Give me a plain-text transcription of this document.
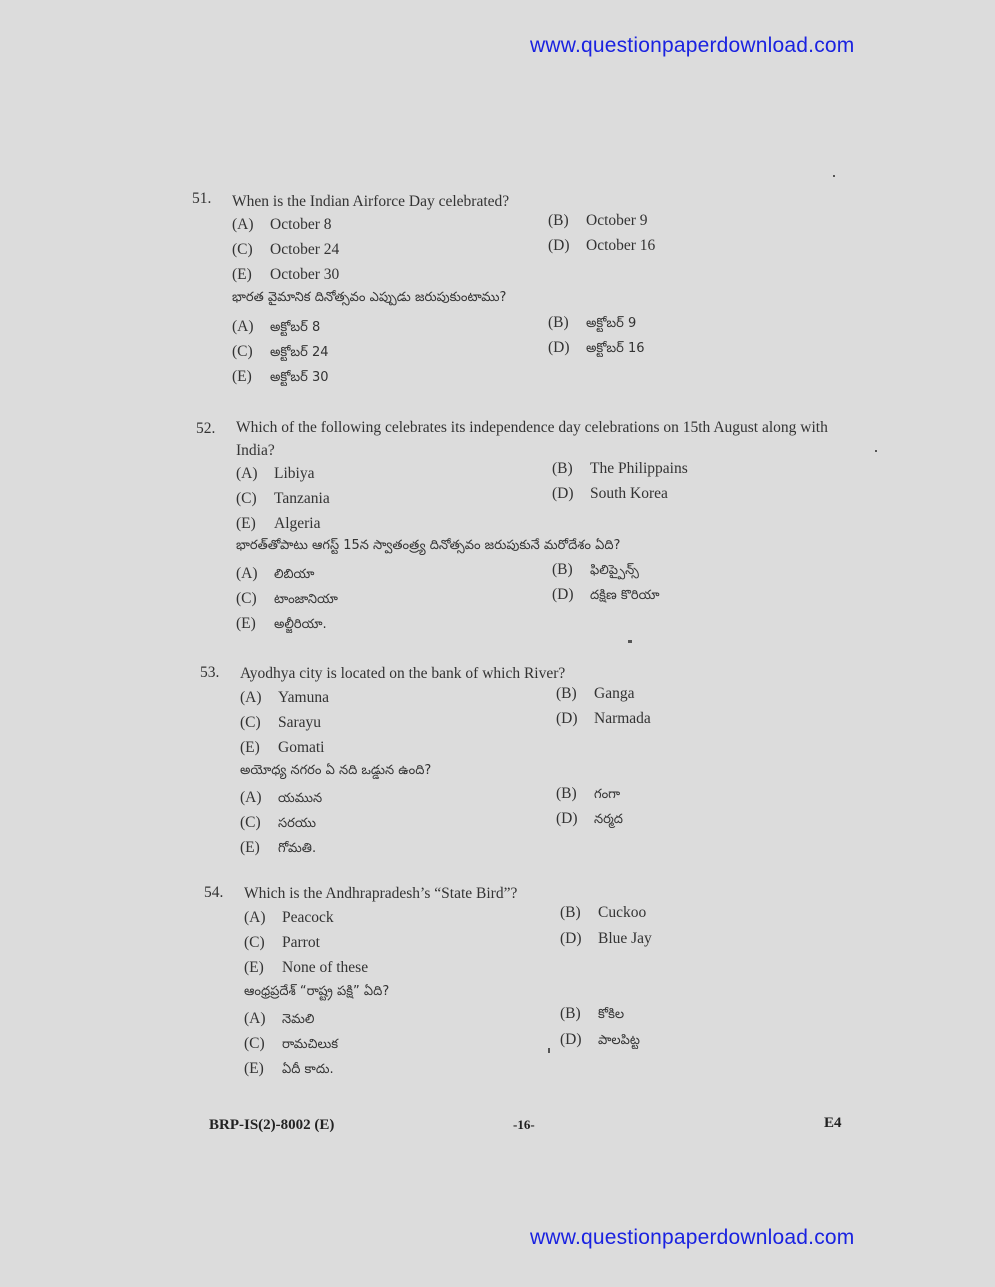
www.questionpaperdownload.com
51. When is the Indian Airforce Day celebrated?
(A) October 8	(B) October 9
(C) October 24	(D) October 16
(E) October 30
భారత వైమానిక దినోత్సవం ఎప్పుడు జరుపుకుంటాము?
(A) అక్టోబర్ 8	(B) అక్టోబర్ 9
(C) అక్టోబర్ 24	(D) అక్టోబర్ 16
(E) అక్టోబర్ 30
52. Which of the following celebrates its independence day celebrations on 15th August along with India?
(A) Libiya	(B) The Philippains
(C) Tanzania	(D) South Korea
(E) Algeria
భారత్‌తోపాటు ఆగస్ట్ 15న స్వాతంత్ర్య దినోత్సవం జరుపుకునే మరోదేశం ఏది?
(A) లిబియా	(B) ఫిలిప్పైన్స్
(C) టాంజానియా	(D) దక్షిణ కొరియా
(E) అల్జీరియా.
53. Ayodhya city is located on the bank of which River?
(A) Yamuna	(B) Ganga
(C) Sarayu	(D) Narmada
(E) Gomati
అయోధ్య నగరం ఏ నది ఒడ్డున ఉంది?
(A) యమున	(B) గంగా
(C) సరయు	(D) నర్మద
(E) గోమతి.
54. Which is the Andhrapradesh’s “State Bird”?
(A) Peacock	(B) Cuckoo
(C) Parrot	(D) Blue Jay
(E) None of these
ఆంధ్రప్రదేశ్ “రాష్ట్ర పక్షి” ఏది?
(A) నెమలి	(B) కోకిల
(C) రామచిలుక	(D) పాలపిట్ట
(E) ఏదీ కాదు.
BRP-IS(2)-8002 (E)	-16-	E4
www.questionpaperdownload.com
